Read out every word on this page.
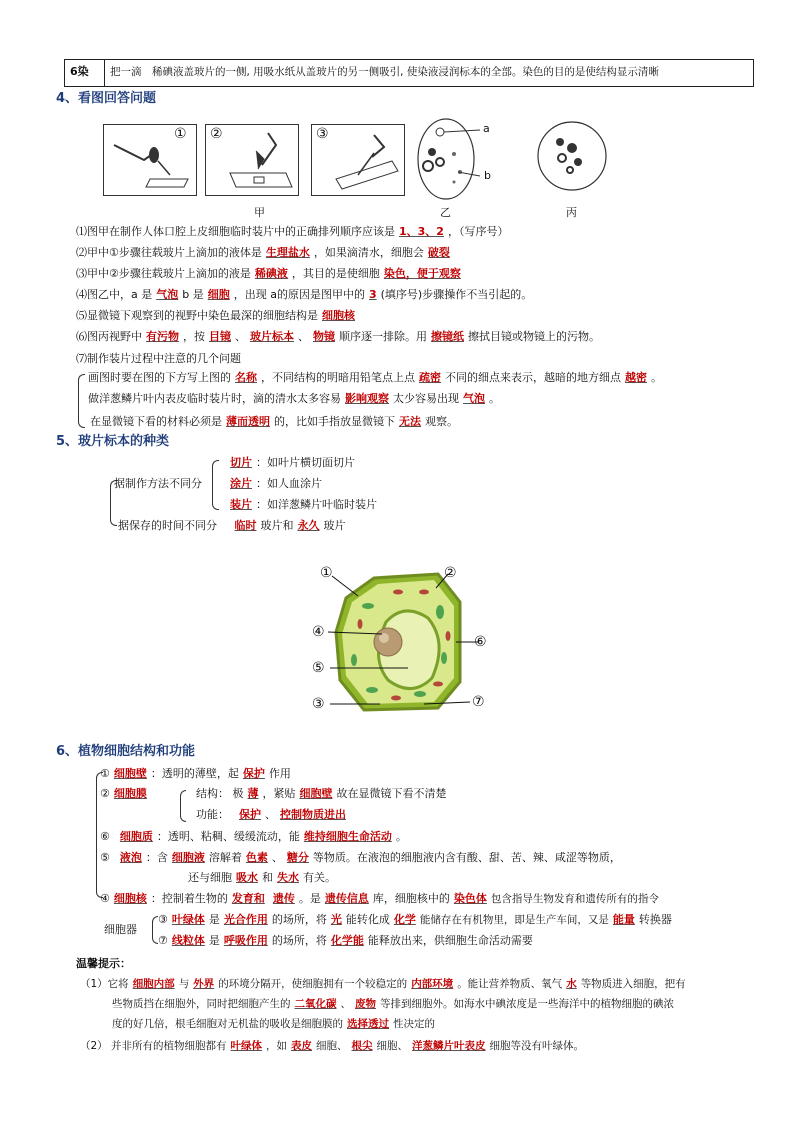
6染 把一滴　稀碘液盖玻片的一侧, 用吸水纸从盖玻片的另一侧吸引, 使染液浸润标本的全部。染色的目的是使结构显示清晰
4、看图回答问题
① ②	③	a
b
甲	乙	丙
⑴图甲在制作人体口腔上皮细胞临时装片中的正确排列顺序应该是 1、3、2 ，（写序号）
⑵甲中①步骤往载玻片上滴加的液体是 生理盐水 ，如果滴清水，细胞会 破裂
⑶甲中②步骤往载玻片上滴加的液是 稀碘液 ，其目的是使细胞 染色，便于观察
⑷图乙中，a 是 气泡 b 是 细胞 ，出现 a的原因是图甲中的 3 (填序号)步骤操作不当引起的。
⑸显微镜下观察到的视野中染色最深的细胞结构是 细胞核
⑹图丙视野中 有污物 ，按 目镜 、 玻片标本 、 物镜 顺序逐一排除。用 擦镜纸 擦拭目镜或物镜上的污物。
⑺制作装片过程中注意的几个问题
画图时要在图的下方写上图的 名称 ，不同结构的明暗用铅笔点上点 疏密 不同的细点来表示，越暗的地方细点 越密 。
做洋葱鳞片叶内表皮临时装片时，滴的清水太多容易 影响观察 太少容易出现 气泡 。
在显微镜下看的材料必须是 薄而透明 的，比如手指放显微镜下 无法 观察。
5、玻片标本的种类
据制作方法不同分
切片 ：如叶片横切面切片
涂片 ：如人血涂片
装片 ：如洋葱鳞片叶临时装片
据保存的时间不同分 临时 玻片和 永久 玻片
①	②
④
⑥
⑤
③	⑦
6、植物细胞结构和功能
① 细胞壁 ：透明的薄壁，起 保护 作用
② 细胞膜	结构： 极 薄 ，紧贴 细胞壁 故在显微镜下看不清楚
功能： 保护 、 控制物质进出
⑥ 细胞质 ：透明、粘稠、缓缓流动，能 维持细胞生命活动 。
⑤ 液泡 ：含 细胞液 溶解着 色素 、 糖分 等物质。在液泡的细胞液内含有酸、甜、苦、辣、咸涩等物质，
还与细胞 吸水 和 失水 有关。
④ 细胞核 ：控制着生物的 发育和 遗传 。是 遗传信息 库，细胞核中的 染色体 包含指导生物发育和遗传所有的指令
细胞器
③ 叶绿体 是 光合作用 的场所，将 光 能转化成 化学 能储存在有机物里，即是生产车间，又是 能量 转换器
⑦ 线粒体 是 呼吸作用 的场所，将 化学能 能释放出来，供细胞生命活动需要
温馨提示：
（1）它将 细胞内部 与 外界 的环境分隔开，使细胞拥有一个较稳定的 内部环境 。能让营养物质、氧气 水 等物质进入细胞，把有
些物质挡在细胞外，同时把细胞产生的 二氧化碳 、 废物 等排到细胞外。如海水中碘浓度是一些海洋中的植物细胞的碘浓
度的好几倍，根毛细胞对无机盐的吸收是细胞膜的 选择透过 性决定的
（2） 并非所有的植物细胞都有 叶绿体 ，如 表皮 细胞、 根尖 细胞、 洋葱鳞片叶表皮 细胞等没有叶绿体。
